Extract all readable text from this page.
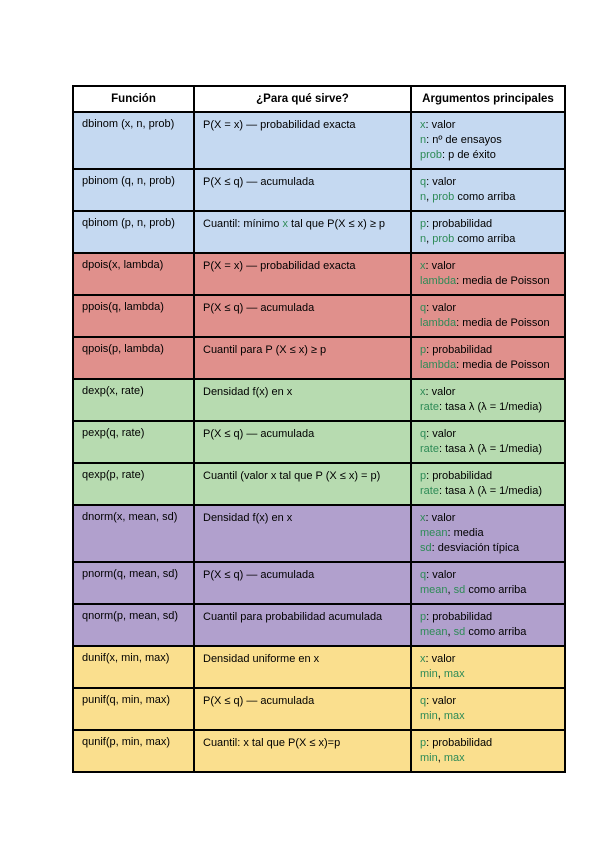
Función	¿Para qué sirve?	Argumentos principales
dbinom (x, n, prob)	P(X = x) — probabilidad exacta	x: valor
n: nº de ensayos
prob: p de éxito

pbinom (q, n, prob)	P(X ≤ q) — acumulada	q: valor
n, prob como arriba

qbinom (p, n, prob)	Cuantil: mínimo x tal que P(X ≤ x) ≥ p	p: probabilidad
n, prob como arriba

dpois(x, lambda)	P(X = x) — probabilidad exacta	x: valor
lambda: media de Poisson

ppois(q, lambda)	P(X ≤ q) — acumulada	q: valor
lambda: media de Poisson

qpois(p, lambda)	Cuantil para P (X ≤ x) ≥ p	p: probabilidad
lambda: media de Poisson

dexp(x, rate)	Densidad f(x) en x	x: valor
rate: tasa λ (λ = 1/media)

pexp(q, rate)	P(X ≤ q) — acumulada	q: valor
rate: tasa λ (λ = 1/media)

qexp(p, rate)	Cuantil (valor x tal que P (X ≤ x) = p)	p: probabilidad
rate: tasa λ (λ = 1/media)

dnorm(x, mean, sd)	Densidad f(x) en x	x: valor
mean: media
sd: desviación típica

pnorm(q, mean, sd)	P(X ≤ q) — acumulada	q: valor
mean, sd como arriba

qnorm(p, mean, sd)	Cuantil para probabilidad acumulada	p: probabilidad
mean, sd como arriba

dunif(x, min, max)	Densidad uniforme en x	x: valor
min, max

punif(q, min, max)	P(X ≤ q) — acumulada	q: valor
min, max

qunif(p, min, max)	Cuantil: x tal que P(X ≤ x)=p	p: probabilidad
min, max
